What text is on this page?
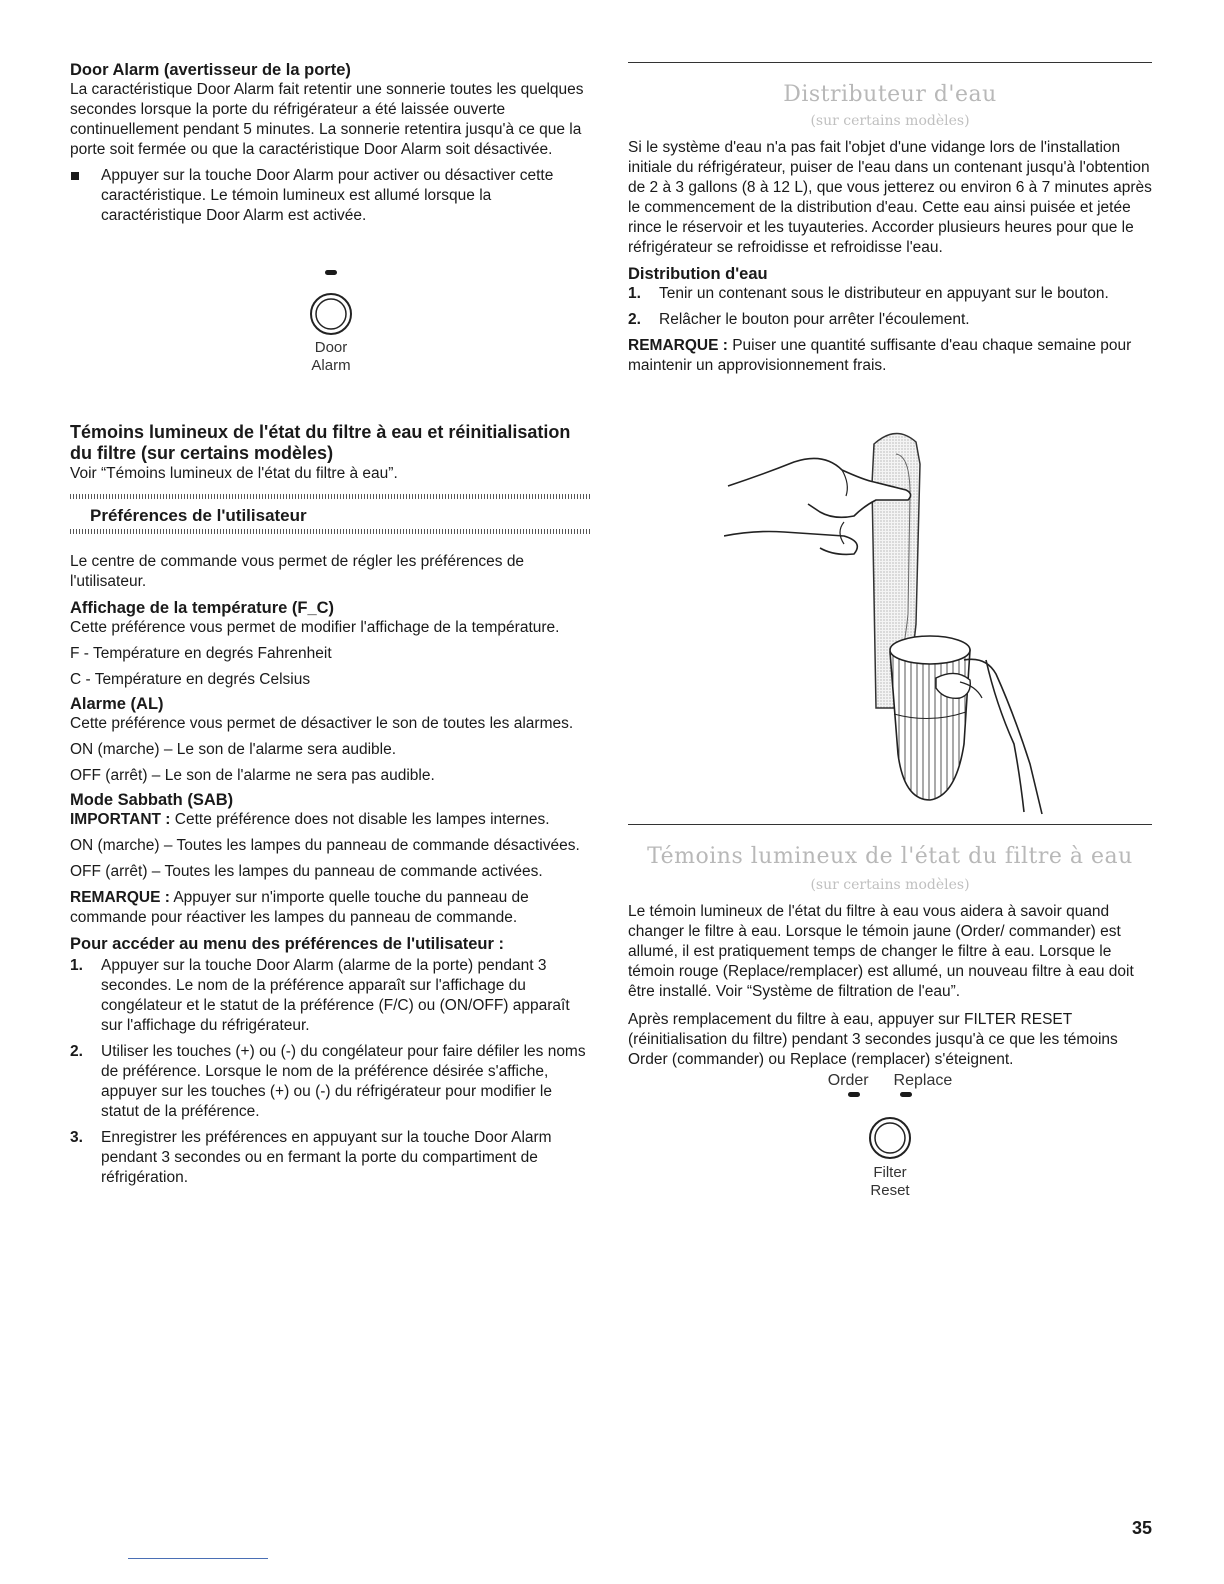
Door Alarm (avertisseur de la porte)

La caractéristique Door Alarm fait retentir une sonnerie toutes les quelques secondes lorsque la porte du réfrigérateur a été laissée ouverte continuellement pendant 5 minutes. La sonnerie retentira jusqu'à ce que la porte soit fermée ou que la caractéristique Door Alarm soit désactivée.

Appuyer sur la touche Door Alarm pour activer ou désactiver cette caractéristique. Le témoin lumineux est allumé lorsque la caractéristique Door Alarm est activée.

Door
Alarm
Témoins lumineux de l'état du filtre à eau et réinitialisation du filtre (sur certains modèles)

Voir “Témoins lumineux de l'état du filtre à eau”.

Préférences de l'utilisateur

Le centre de commande vous permet de régler les préférences de l'utilisateur.

Affichage de la température (F_C)

Cette préférence vous permet de modifier l'affichage de la température.

F - Température en degrés Fahrenheit

C - Température en degrés Celsius

Alarme (AL)

Cette préférence vous permet de désactiver le son de toutes les alarmes.

ON (marche) – Le son de l'alarme sera audible.

OFF (arrêt) – Le son de l'alarme ne sera pas audible.

Mode Sabbath (SAB)

IMPORTANT : Cette préférence does not disable les lampes internes.

ON (marche) – Toutes les lampes du panneau de commande désactivées.

OFF (arrêt) – Toutes les lampes du panneau de commande activées.

REMARQUE : Appuyer sur n'importe quelle touche du panneau de commande pour réactiver les lampes du panneau de commande.

Pour accéder au menu des préférences de l'utilisateur :

1. Appuyer sur la touche Door Alarm (alarme de la porte) pendant 3 secondes. Le nom de la préférence apparaît sur l'affichage du congélateur et le statut de la préférence (F/C) ou (ON/OFF) apparaît sur l'affichage du réfrigérateur.

2. Utiliser les touches (+) ou (-) du congélateur pour faire défiler les noms de préférence. Lorsque le nom de la préférence désirée s'affiche, appuyer sur les touches (+) ou (-) du réfrigérateur pour modifier le statut de la préférence.

3. Enregistrer les préférences en appuyant sur la touche Door Alarm pendant 3 secondes ou en fermant la porte du compartiment de réfrigération.

Distributeur d'eau
(sur certains modèles)

Si le système d'eau n'a pas fait l'objet d'une vidange lors de l'installation initiale du réfrigérateur, puiser de l'eau dans un contenant jusqu'à l'obtention de 2 à 3 gallons (8 à 12 L), que vous jetterez ou environ 6 à 7 minutes après le commencement de la distribution d'eau. Cette eau ainsi puisée et jetée rince le réservoir et les tuyauteries. Accorder plusieurs heures pour que le réfrigérateur se refroidisse et refroidisse l'eau.

Distribution d'eau

1. Tenir un contenant sous le distributeur en appuyant sur le bouton.

2. Relâcher le bouton pour arrêter l'écoulement.

REMARQUE : Puiser une quantité suffisante d'eau chaque semaine pour maintenir un approvisionnement frais.

Témoins lumineux de l'état du filtre à eau
(sur certains modèles)

Le témoin lumineux de l'état du filtre à eau vous aidera à savoir quand changer le filtre à eau. Lorsque le témoin jaune (Order/ commander) est allumé, il est pratiquement temps de changer le filtre à eau. Lorsque le témoin rouge (Replace/remplacer) est allumé, un nouveau filtre à eau doit être installé. Voir “Système de filtration de l'eau”.

Après remplacement du filtre à eau, appuyer sur FILTER RESET (réinitialisation du filtre) pendant 3 secondes jusqu'à ce que les témoins Order (commander) ou Replace (remplacer) s'éteignent.

Order Replace
Filter
Reset
35
